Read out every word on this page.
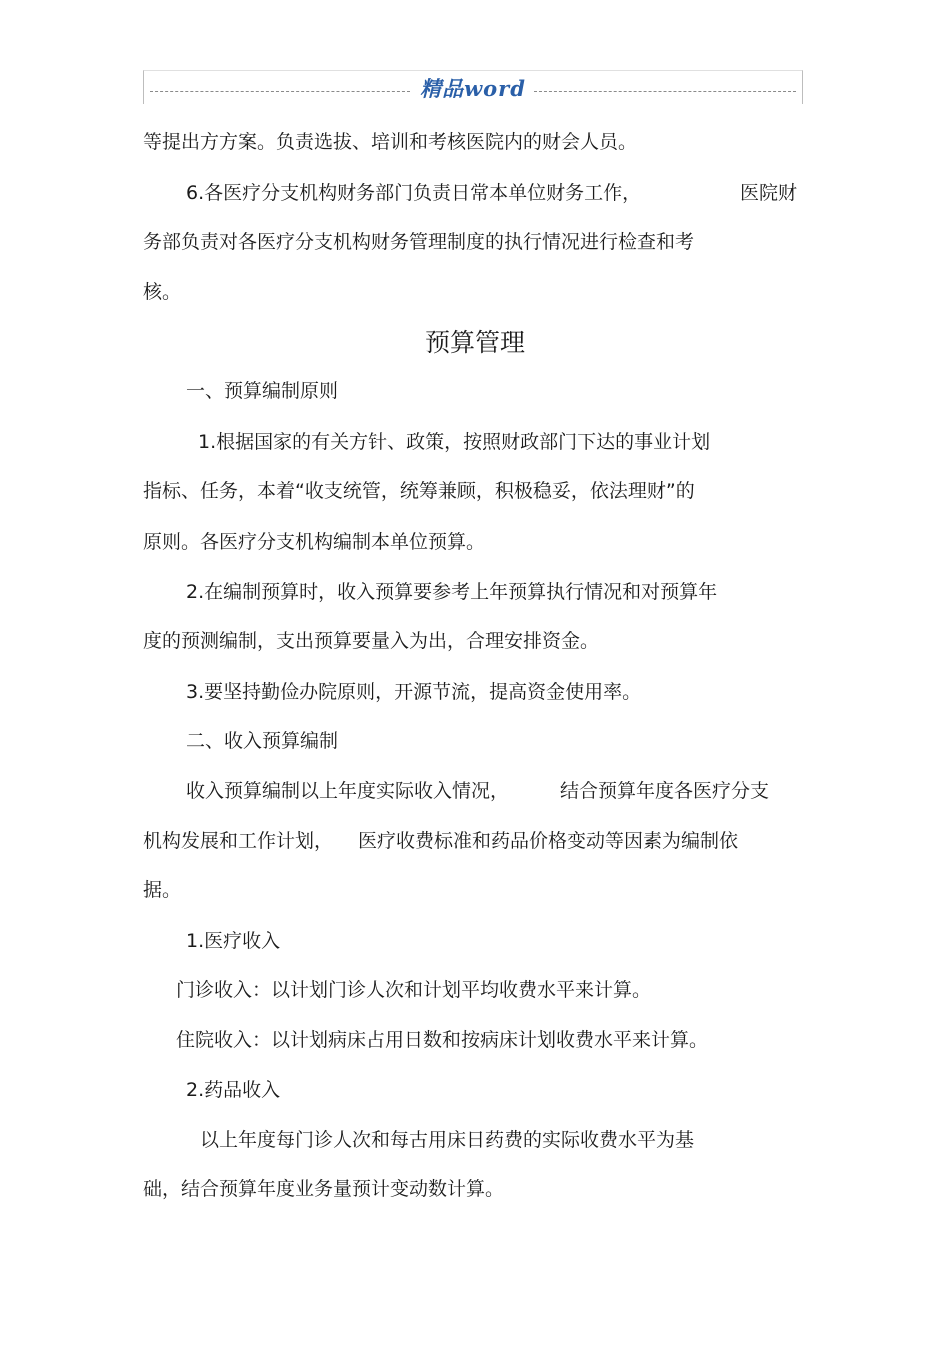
精品word

等提出方方案。负责选拔、培训和考核医院内的财会人员。

6.各医疗分支机构财务部门负责日常本单位财务工作，	医院财

务部负责对各医疗分支机构财务管理制度的执行情况进行检查和考

核。

预算管理

一、预算编制原则

1.根据国家的有关方针、政策，按照财政部门下达的事业计划

指标、任务，本着“收支统管，统筹兼顾，积极稳妥，依法理财”的

原则。各医疗分支机构编制本单位预算。

2.在编制预算时，收入预算要参考上年预算执行情况和对预算年

度的预测编制，支出预算要量入为出，合理安排资金。

3.要坚持勤俭办院原则，开源节流，提高资金使用率。

二、收入预算编制

收入预算编制以上年度实际收入情况，	结合预算年度各医疗分支

机构发展和工作计划， 医疗收费标准和药品价格变动等因素为编制依

据。

1.医疗收入

门诊收入：以计划门诊人次和计划平均收费水平来计算。

住院收入：以计划病床占用日数和按病床计划收费水平来计算。

2.药品收入

以上年度每门诊人次和每古用床日药费的实际收费水平为基

础，结合预算年度业务量预计变动数计算。
